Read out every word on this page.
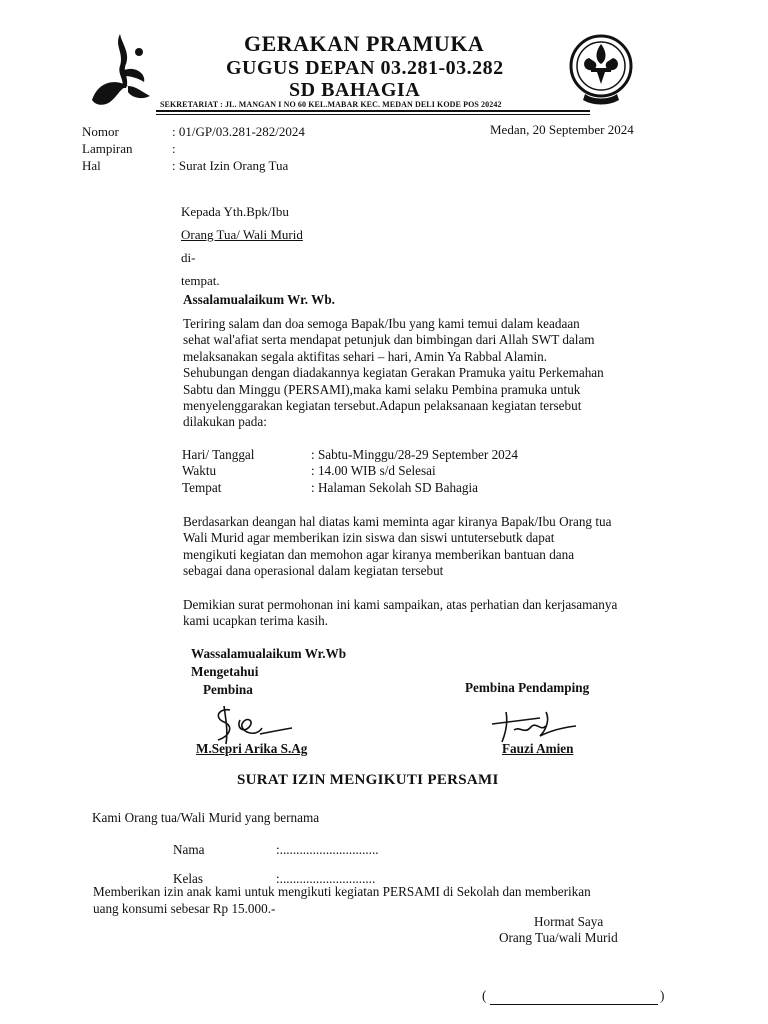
GERAKAN PRAMUKA
GUGUS DEPAN 03.281-03.282
SD BAHAGIA
SEKRETARIAT : JL. MANGAN I NO 60 KEL.MABAR KEC. MEDAN DELI KODE POS 20242
Nomor	: 01/GP/03.281-282/2024	Medan, 20 September 2024
Lampiran	:
Hal	: Surat Izin Orang Tua
Kepada Yth.Bpk/Ibu
Orang Tua/ Wali Murid
di-
tempat.
Assalamualaikum Wr. Wb.

Teriring salam dan doa semoga Bapak/Ibu yang kami temui dalam keadaan

sehat wal'afiat serta mendapat petunjuk dan bimbingan dari Allah SWT dalam

melaksanakan segala aktifitas sehari – hari, Amin Ya Rabbal Alamin.

Sehubungan dengan diadakannya kegiatan Gerakan Pramuka yaitu Perkemahan

Sabtu dan Minggu (PERSAMI),maka kami selaku Pembina pramuka untuk

menyelenggarakan kegiatan tersebut.Adapun pelaksanaan kegiatan tersebut

dilakukan pada:

Hari/ Tanggal	: Sabtu-Minggu/28-29 September 2024
Waktu	: 14.00 WIB s/d Selesai
Tempat	: Halaman Sekolah SD Bahagia

Berdasarkan deangan hal diatas kami meminta agar kiranya Bapak/Ibu Orang tua

Wali Murid agar memberikan izin siswa dan siswi untutersebutk dapat

mengikuti kegiatan dan memohon agar kiranya memberikan bantuan dana

sebagai dana operasional dalam kegiatan tersebut

Demikian surat permohonan ini kami sampaikan, atas perhatian dan kerjasamanya

kami ucapkan terima kasih.

Wassalamualaikum Wr.Wb
Mengetahui
Pembina	Pembina Pendamping
M.Sepri Arika S.Ag	Fauzi Amien
SURAT IZIN MENGIKUTI PERSAMI
Kami Orang tua/Wali Murid yang bernama
Nama	:..............................
Kelas	:.............................
Memberikan izin anak kami untuk mengikuti kegiatan PERSAMI di Sekolah dan memberikan
uang konsumi sebesar Rp 15.000.-
Hormat Saya
Orang Tua/wali Murid
(	)
